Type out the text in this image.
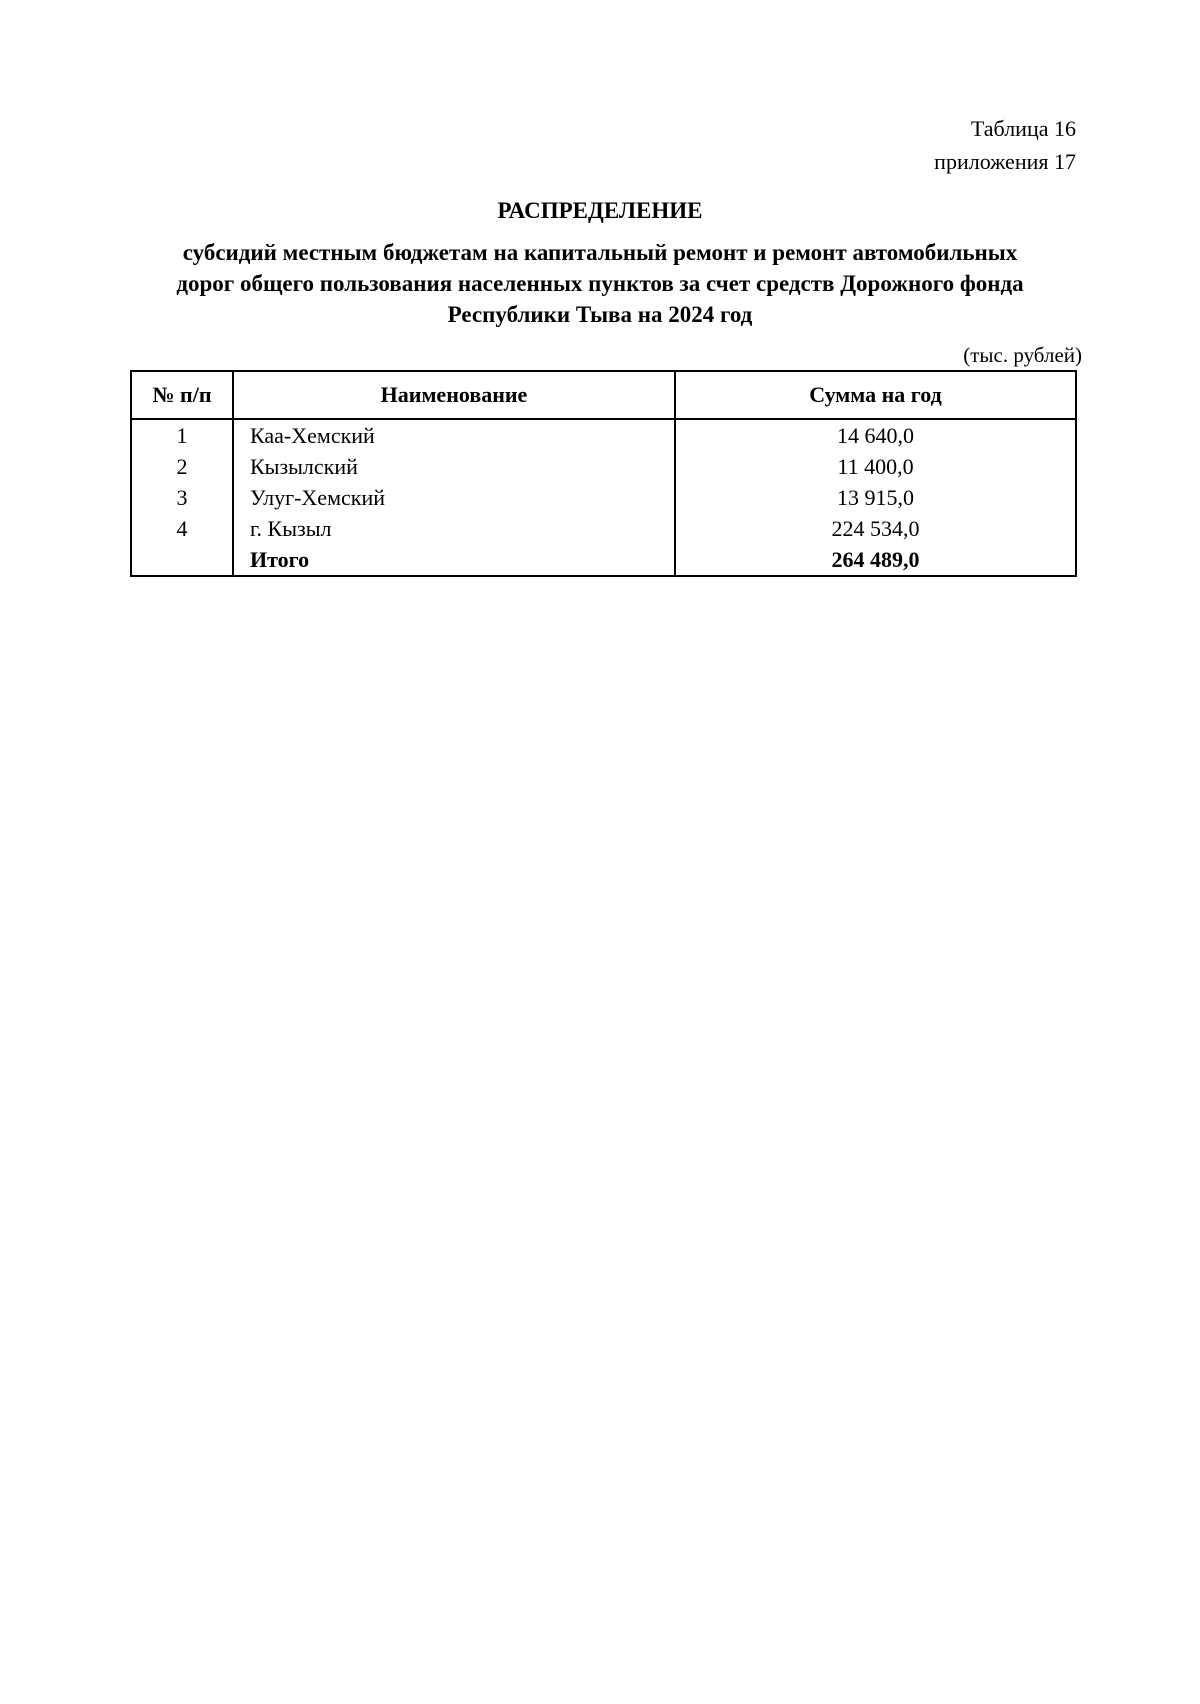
Таблица 16
приложения 17
РАСПРЕДЕЛЕНИЕ
субсидий местным бюджетам на капитальный ремонт и ремонт автомобильных
дорог общего пользования населенных пунктов за счет средств Дорожного фонда
Республики Тыва на 2024 год
(тыс. рублей)
№ п/п	Наименование	Сумма на год
1	Каа-Хемский	14 640,0
2	Кызылский	11 400,0
3	Улуг-Хемский	13 915,0
4	г. Кызыл	224 534,0
	Итого	264 489,0
